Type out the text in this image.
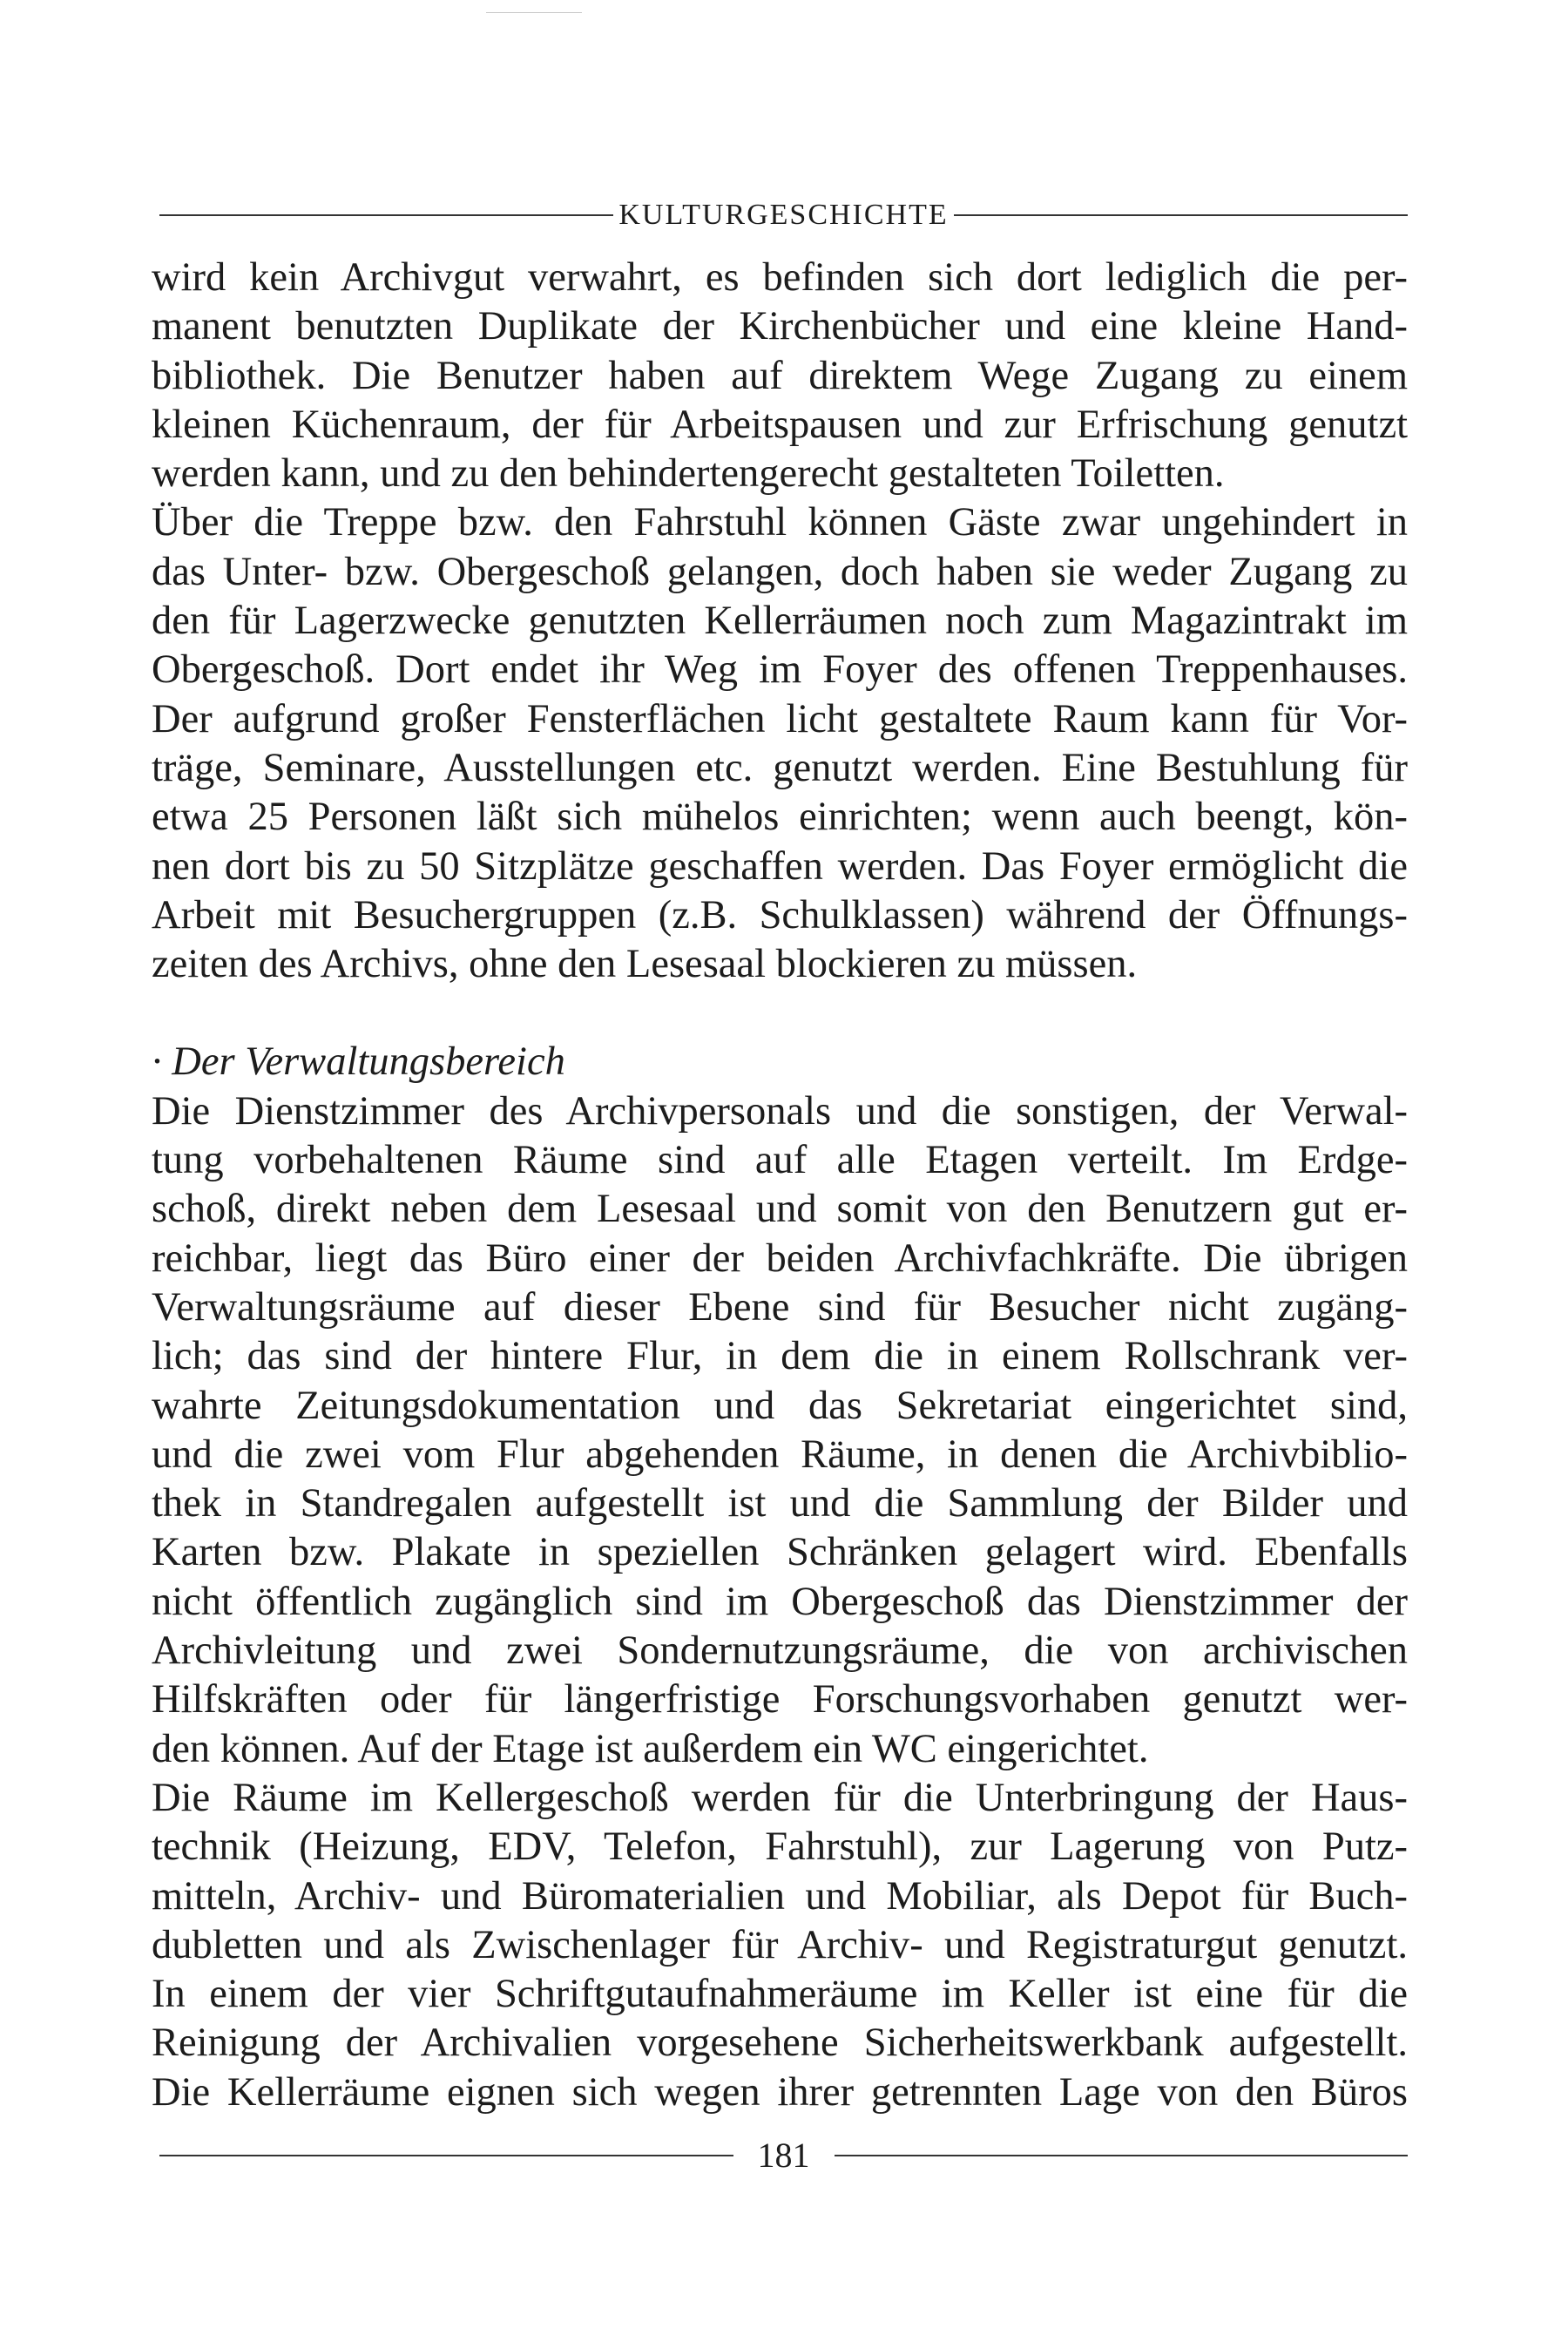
KULTURGESCHICHTE

wird kein Archivgut verwahrt, es befinden sich dort lediglich die per-

manent benutzten Duplikate der Kirchenbücher und eine kleine Hand-

bibliothek. Die Benutzer haben auf direktem Wege Zugang zu einem

kleinen Küchenraum, der für Arbeitspausen und zur Erfrischung genutzt

werden kann, und zu den behindertengerecht gestalteten Toiletten.

Über die Treppe bzw. den Fahrstuhl können Gäste zwar ungehindert in

das Unter- bzw. Obergeschoß gelangen, doch haben sie weder Zugang zu

den für Lagerzwecke genutzten Kellerräumen noch zum Magazintrakt im

Obergeschoß. Dort endet ihr Weg im Foyer des offenen Treppenhauses.

Der aufgrund großer Fensterflächen licht gestaltete Raum kann für Vor-

träge, Seminare, Ausstellungen etc. genutzt werden. Eine Bestuhlung für

etwa 25 Personen läßt sich mühelos einrichten; wenn auch beengt, kön-

nen dort bis zu 50 Sitzplätze geschaffen werden. Das Foyer ermöglicht die

Arbeit mit Besuchergruppen (z.B. Schulklassen) während der Öffnungs-

zeiten des Archivs, ohne den Lesesaal blockieren zu müssen.

· Der Verwaltungsbereich

Die Dienstzimmer des Archivpersonals und die sonstigen, der Verwal-

tung vorbehaltenen Räume sind auf alle Etagen verteilt. Im Erdge-

schoß, direkt neben dem Lesesaal und somit von den Benutzern gut er-

reichbar, liegt das Büro einer der beiden Archivfachkräfte. Die übrigen

Verwaltungsräume auf dieser Ebene sind für Besucher nicht zugäng-

lich; das sind der hintere Flur, in dem die in einem Rollschrank ver-

wahrte Zeitungsdokumentation und das Sekretariat eingerichtet sind,

und die zwei vom Flur abgehenden Räume, in denen die Archivbiblio-

thek in Standregalen aufgestellt ist und die Sammlung der Bilder und

Karten bzw. Plakate in speziellen Schränken gelagert wird. Ebenfalls

nicht öffentlich zugänglich sind im Obergeschoß das Dienstzimmer der

Archivleitung und zwei Sondernutzungsräume, die von archivischen

Hilfskräften oder für längerfristige Forschungsvorhaben genutzt wer-

den können. Auf der Etage ist außerdem ein WC eingerichtet.

Die Räume im Kellergeschoß werden für die Unterbringung der Haus-

technik (Heizung, EDV, Telefon, Fahrstuhl), zur Lagerung von Putz-

mitteln, Archiv- und Büromaterialien und Mobiliar, als Depot für Buch-

dubletten und als Zwischenlager für Archiv- und Registraturgut genutzt.

In einem der vier Schriftgutaufnahmeräume im Keller ist eine für die

Reinigung der Archivalien vorgesehene Sicherheitswerkbank aufgestellt.

Die Kellerräume eignen sich wegen ihrer getrennten Lage von den Büros

181
